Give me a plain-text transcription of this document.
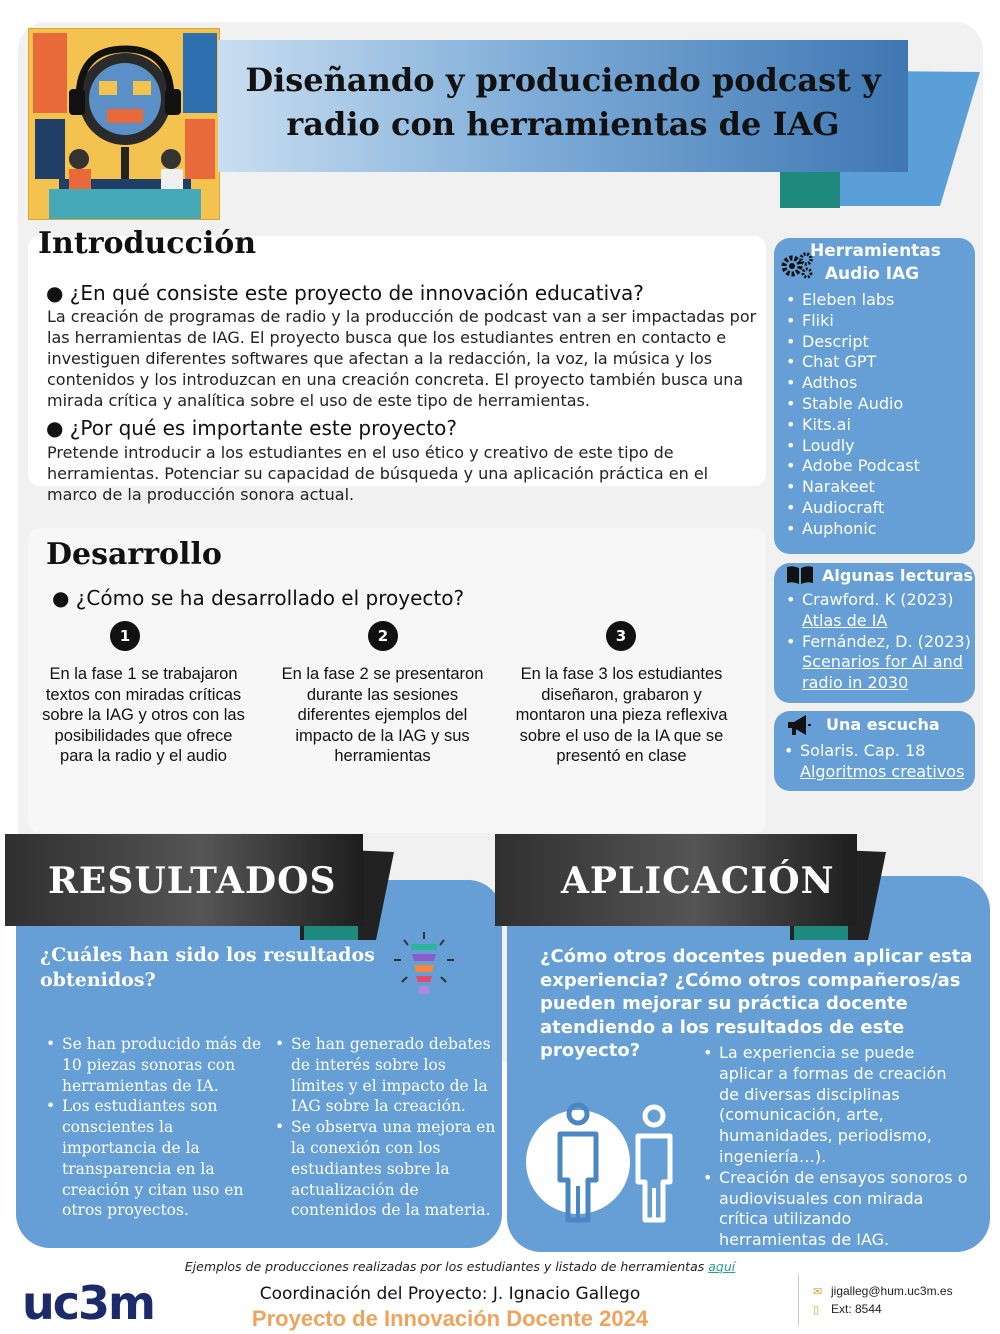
Diseñando y produciendo podcast y
radio con herramientas de IAG
Introducción
● ¿En qué consiste este proyecto de innovación educativa?
La creación de programas de radio y la producción de podcast van a ser impactadas por
las herramientas de IAG. El proyecto busca que los estudiantes entren en contacto e
investiguen diferentes softwares que afectan a la redacción, la voz, la música y los
contenidos y los introduzcan en una creación concreta. El proyecto también busca una
mirada crítica y analítica sobre el uso de este tipo de herramientas.
● ¿Por qué es importante este proyecto?
Pretende introducir a los estudiantes en el uso ético y creativo de este tipo de
herramientas. Potenciar su capacidad de búsqueda y una aplicación práctica en el
marco de la producción sonora actual.
Desarrollo
● ¿Cómo se ha desarrollado el proyecto?
1	2	3
En la fase 1 se trabajaron
textos con miradas críticas
sobre la IAG y otros con las
posibilidades que ofrece
para la radio y el audio
En la fase 2 se presentaron
durante las sesiones
diferentes ejemplos del
impacto de la IAG y sus
herramientas
En la fase 3 los estudiantes
diseñaron, grabaron y
montaron una pieza reflexiva
sobre el uso de la IA que se
presentó en clase
Herramientas
Audio IAG
• Eleben labs
• Fliki
• Descript
• Chat GPT
• Adthos
• Stable Audio
• Kits.ai
• Loudly
• Adobe Podcast
• Narakeet
• Audiocraft
• Auphonic
Algunas lecturas
• Crawford. K (2023)
Atlas de IA
• Fernández, D. (2023)
Scenarios for AI and
radio in 2030
Una escucha
• Solaris. Cap. 18
Algoritmos creativos
RESULTADOS
¿Cuáles han sido los resultados
obtenidos?
• Se han producido más de
10 piezas sonoras con
herramientas de IA.
• Los estudiantes son
conscientes la
importancia de la
transparencia en la
creación y citan uso en
otros proyectos.
• Se han generado debates
de interés sobre los
límites y el impacto de la
IAG sobre la creación.
• Se observa una mejora en
la conexión con los
estudiantes sobre la
actualización de
contenidos de la materia.
APLICACIÓN
¿Cómo otros docentes pueden aplicar esta
experiencia? ¿Cómo otros compañeros/as
pueden mejorar su práctica docente
atendiendo a los resultados de este proyecto?
•	La experiencia se puede
aplicar a formas de creación
de diversas disciplinas
(comunicación, arte,
humanidades, periodismo,
ingeniería…).
• Creación de ensayos sonoros o
audiovisuales con mirada
crítica utilizando
herramientas de IAG.
Ejemplos de producciones realizadas por los estudiantes y listado de herramientas aquí
uc3m	Coordinación del Proyecto: J. Ignacio Gallego
Proyecto de Innovación Docente 2024
✉ jigalleg@hum.uc3m.es
▯ Ext: 8544
